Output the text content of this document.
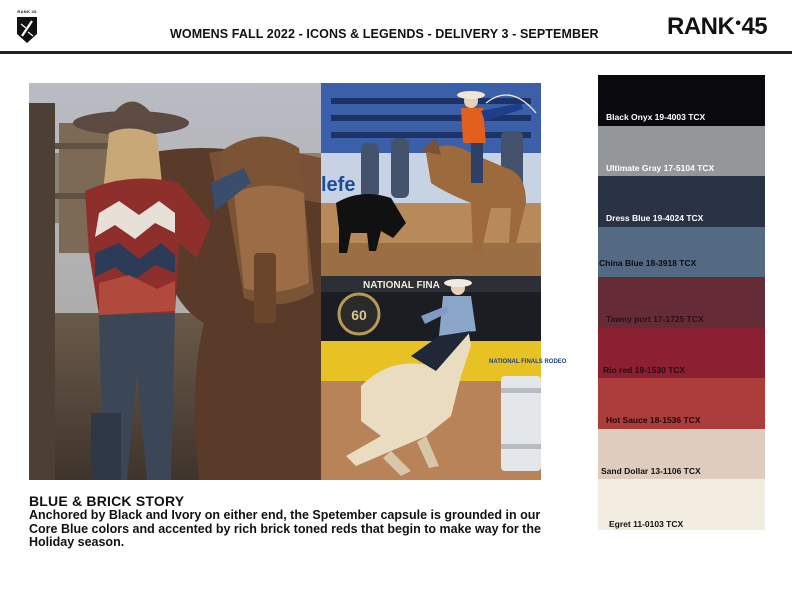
RANK 45
WOMENS FALL 2022 - ICONS & LEGENDS - DELIVERY 3 - SEPTEMBER	RANK•45
lefe
NATIONAL FINA
NATIONAL FINALS RODEO
60
BLUE & BRICK STORY
Anchored by Black and Ivory on either end, the Spetember capsule is grounded in our Core Blue colors and accented by rich brick toned reds that begin to make way for the Holiday season.
Black Onyx 19-4003 TCX
Ultimate Gray 17-5104 TCX
Dress Blue 19-4024 TCX
China Blue 18-3918 TCX
Tawny port 17-1725 TCX
Rio red 19-1530 TCX
Hot Sauce 18-1536 TCX
Sand Dollar 13-1106 TCX
Egret 11-0103 TCX
